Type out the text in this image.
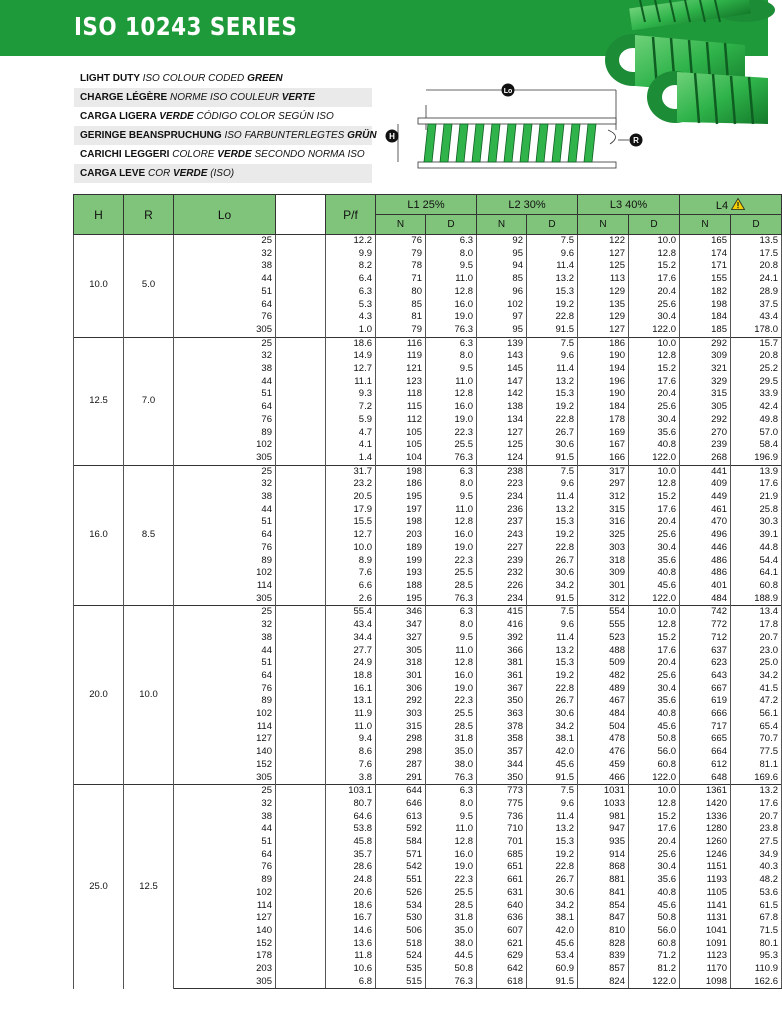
ISO 10243 SERIES
LIGHT DUTY ISO COLOUR CODED GREEN
CHARGE LÉGÈRE NORME ISO COULEUR VERTE
CARGA LIGERA VERDE CÓDIGO COLOR SEGÚN ISO
GERINGE BEANSPRUCHUNG ISO FARBUNTERLEGTES GRÜN
CARICHI LEGGERI COLORE VERDE SECONDO NORMA ISO
CARGA LEVE COR VERDE (ISO)
Lo
H	R
H	R	Lo		P/f	L1 25%		L2 30%		L3 40%		L4	
					N	D	N	D	N	D	N	D
10.0	5.0	25		12.2	76	6.3	92	7.5	122	10.0	165	13.5
		32		9.9	79	8.0	95	9.6	127	12.8	174	17.5
		38		8.2	78	9.5	94	11.4	125	15.2	171	20.8
		44		6.4	71	11.0	85	13.2	113	17.6	155	24.1
		51		6.3	80	12.8	96	15.3	129	20.4	182	28.9
		64		5.3	85	16.0	102	19.2	135	25.6	198	37.5
		76		4.3	81	19.0	97	22.8	129	30.4	184	43.4
		305		1.0	79	76.3	95	91.5	127	122.0	185	178.0
12.5	7.0	25		18.6	116	6.3	139	7.5	186	10.0	292	15.7
		32		14.9	119	8.0	143	9.6	190	12.8	309	20.8
		38		12.7	121	9.5	145	11.4	194	15.2	321	25.2
		44		11.1	123	11.0	147	13.2	196	17.6	329	29.5
		51		9.3	118	12.8	142	15.3	190	20.4	315	33.9
		64		7.2	115	16.0	138	19.2	184	25.6	305	42.4
		76		5.9	112	19.0	134	22.8	178	30.4	292	49.8
		89		4.7	105	22.3	127	26.7	169	35.6	270	57.0
		102		4.1	105	25.5	125	30.6	167	40.8	239	58.4
		305		1.4	104	76.3	124	91.5	166	122.0	268	196.9
16.0	8.5	25		31.7	198	6.3	238	7.5	317	10.0	441	13.9
		32		23.2	186	8.0	223	9.6	297	12.8	409	17.6
		38		20.5	195	9.5	234	11.4	312	15.2	449	21.9
		44		17.9	197	11.0	236	13.2	315	17.6	461	25.8
		51		15.5	198	12.8	237	15.3	316	20.4	470	30.3
		64		12.7	203	16.0	243	19.2	325	25.6	496	39.1
		76		10.0	189	19.0	227	22.8	303	30.4	446	44.8
		89		8.9	199	22.3	239	26.7	318	35.6	486	54.4
		102		7.6	193	25.5	232	30.6	309	40.8	486	64.1
		114		6.6	188	28.5	226	34.2	301	45.6	401	60.8
		305		2.6	195	76.3	234	91.5	312	122.0	484	188.9
20.0	10.0	25		55.4	346	6.3	415	7.5	554	10.0	742	13.4
		32		43.4	347	8.0	416	9.6	555	12.8	772	17.8
		38		34.4	327	9.5	392	11.4	523	15.2	712	20.7
		44		27.7	305	11.0	366	13.2	488	17.6	637	23.0
		51		24.9	318	12.8	381	15.3	509	20.4	623	25.0
		64		18.8	301	16.0	361	19.2	482	25.6	643	34.2
		76		16.1	306	19.0	367	22.8	489	30.4	667	41.5
		89		13.1	292	22.3	350	26.7	467	35.6	619	47.2
		102		11.9	303	25.5	363	30.6	484	40.8	666	56.1
		114		11.0	315	28.5	378	34.2	504	45.6	717	65.4
		127		9.4	298	31.8	358	38.1	478	50.8	665	70.7
		140		8.6	298	35.0	357	42.0	476	56.0	664	77.5
		152		7.6	287	38.0	344	45.6	459	60.8	612	81.1
		305		3.8	291	76.3	350	91.5	466	122.0	648	169.6
25.0	12.5	25		103.1	644	6.3	773	7.5	1031	10.0	1361	13.2
		32		80.7	646	8.0	775	9.6	1033	12.8	1420	17.6
		38		64.6	613	9.5	736	11.4	981	15.2	1336	20.7
		44		53.8	592	11.0	710	13.2	947	17.6	1280	23.8
		51		45.8	584	12.8	701	15.3	935	20.4	1260	27.5
		64		35.7	571	16.0	685	19.2	914	25.6	1246	34.9
		76		28.6	542	19.0	651	22.8	868	30.4	1151	40.3
		89		24.8	551	22.3	661	26.7	881	35.6	1193	48.2
		102		20.6	526	25.5	631	30.6	841	40.8	1105	53.6
		114		18.6	534	28.5	640	34.2	854	45.6	1141	61.5
		127		16.7	530	31.8	636	38.1	847	50.8	1131	67.8
		140		14.6	506	35.0	607	42.0	810	56.0	1041	71.5
		152		13.6	518	38.0	621	45.6	828	60.8	1091	80.1
		178		11.8	524	44.5	629	53.4	839	71.2	1123	95.3
		203		10.6	535	50.8	642	60.9	857	81.2	1170	110.9
		305		6.8	515	76.3	618	91.5	824	122.0	1098	162.6
